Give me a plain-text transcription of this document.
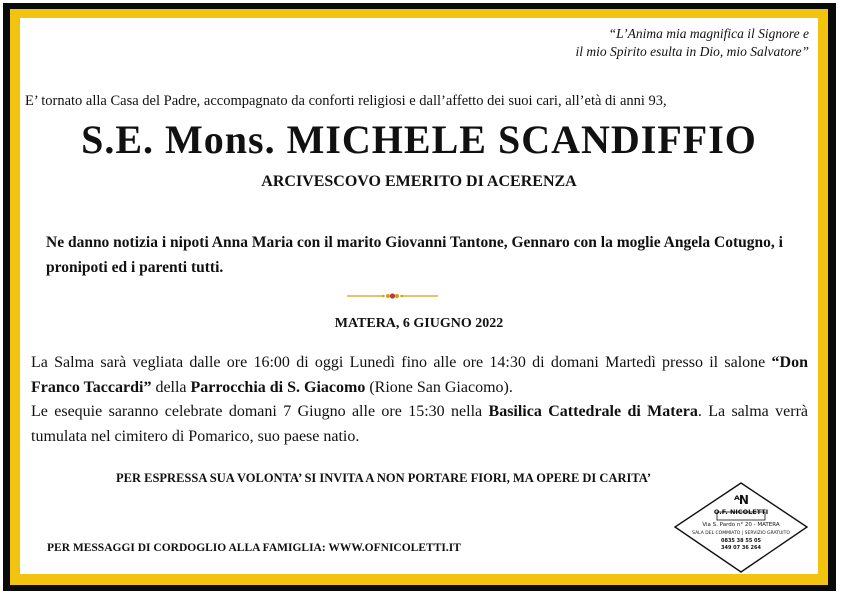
“L’Anima mia magnifica il Signore e
il mio Spirito esulta in Dio, mio Salvatore”
E’ tornato alla Casa del Padre, accompagnato da conforti religiosi e dall’affetto dei suoi cari, all’età di anni 93,
S.E. Mons. MICHELE SCANDIFFIO
ARCIVESCOVO EMERITO DI ACERENZA
Ne danno notizia i nipoti Anna Maria con il marito Giovanni Tantone, Gennaro con la moglie Angela Cotugno, i pronipoti ed i parenti tutti.
MATERA, 6 GIUGNO 2022

La Salma sarà vegliata dalle ore 16:00 di oggi Lunedì fino alle ore 14:30 di domani Martedì presso il salone “Don Franco Taccardi” della Parrocchia di S. Giacomo (Rione San Giacomo).

Le esequie saranno celebrate domani 7 Giugno alle ore 15:30 nella Basilica Cattedrale di Matera. La salma verrà tumulata nel cimitero di Pomarico, suo paese natio.

PER ESPRESSA SUA VOLONTA’ SI INVITA A NON PORTARE FIORI, MA OPERE DI CARITA’
PER MESSAGGI DI CORDOGLIO ALLA FAMIGLIA: WWW.OFNICOLETTI.IT
ᴬN
O.F. NICOLETTI
Via S. Pardo n° 20 - MATERA
SALA DEL COMMIATO | SERVIZIO GRATUITO
0835 38 55 05
349 07 36 264
